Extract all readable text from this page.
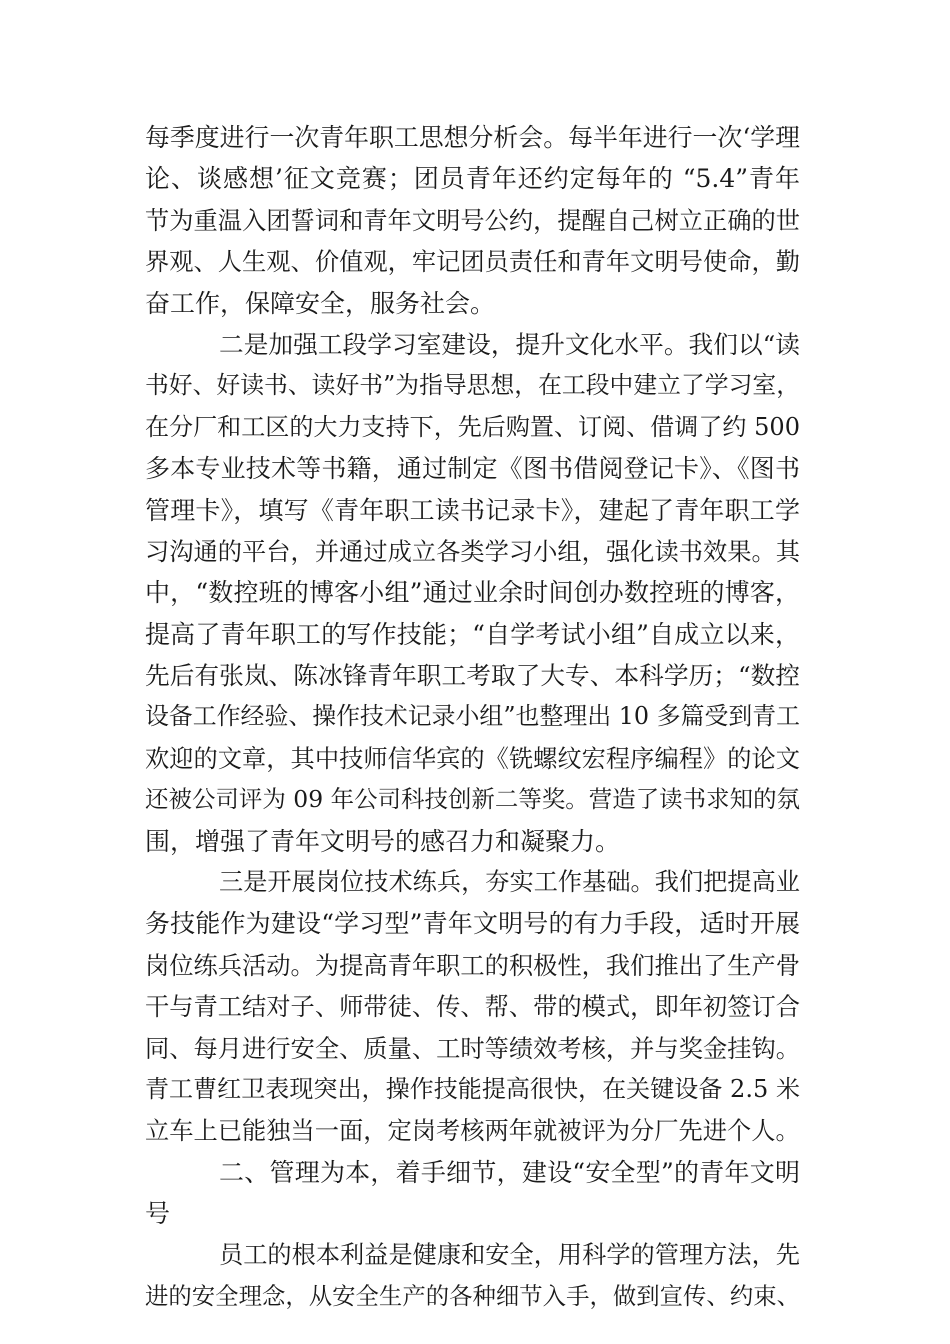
每季度进行一次青年职工思想分析会。每半年进行一次‘学理
论、谈感想’征文竞赛；团员青年还约定每年的 “5.4”青年
节为重温入团誓词和青年文明号公约，提醒自己树立正确的世
界观、人生观、价值观，牢记团员责任和青年文明号使命，勤
奋工作，保障安全，服务社会。
二是加强工段学习室建设，提升文化水平。我们以“读
书好、好读书、读好书”为指导思想，在工段中建立了学习室，
在分厂和工区的大力支持下，先后购置、订阅、借调了约 500
多本专业技术等书籍，通过制定《图书借阅登记卡》、《图书
管理卡》，填写《青年职工读书记录卡》，建起了青年职工学
习沟通的平台，并通过成立各类学习小组，强化读书效果。其
中，“数控班的博客小组”通过业余时间创办数控班的博客，
提高了青年职工的写作技能；“自学考试小组”自成立以来，
先后有张岚、陈冰锋青年职工考取了大专、本科学历；“数控
设备工作经验、操作技术记录小组”也整理出 10 多篇受到青工
欢迎的文章，其中技师信华宾的《铣螺纹宏程序编程》的论文
还被公司评为 09 年公司科技创新二等奖。营造了读书求知的氛
围，增强了青年文明号的感召力和凝聚力。
三是开展岗位技术练兵，夯实工作基础。我们把提高业
务技能作为建设“学习型”青年文明号的有力手段，适时开展
岗位练兵活动。为提高青年职工的积极性，我们推出了生产骨
干与青工结对子、师带徒、传、帮、带的模式，即年初签订合
同、每月进行安全、质量、工时等绩效考核，并与奖金挂钩。
青工曹红卫表现突出，操作技能提高很快，在关键设备 2.5 米
立车上已能独当一面，定岗考核两年就被评为分厂先进个人。
二、管理为本，着手细节，建设“安全型”的青年文明
号
员工的根本利益是健康和安全，用科学的管理方法，先
进的安全理念，从安全生产的各种细节入手，做到宣传、约束、
